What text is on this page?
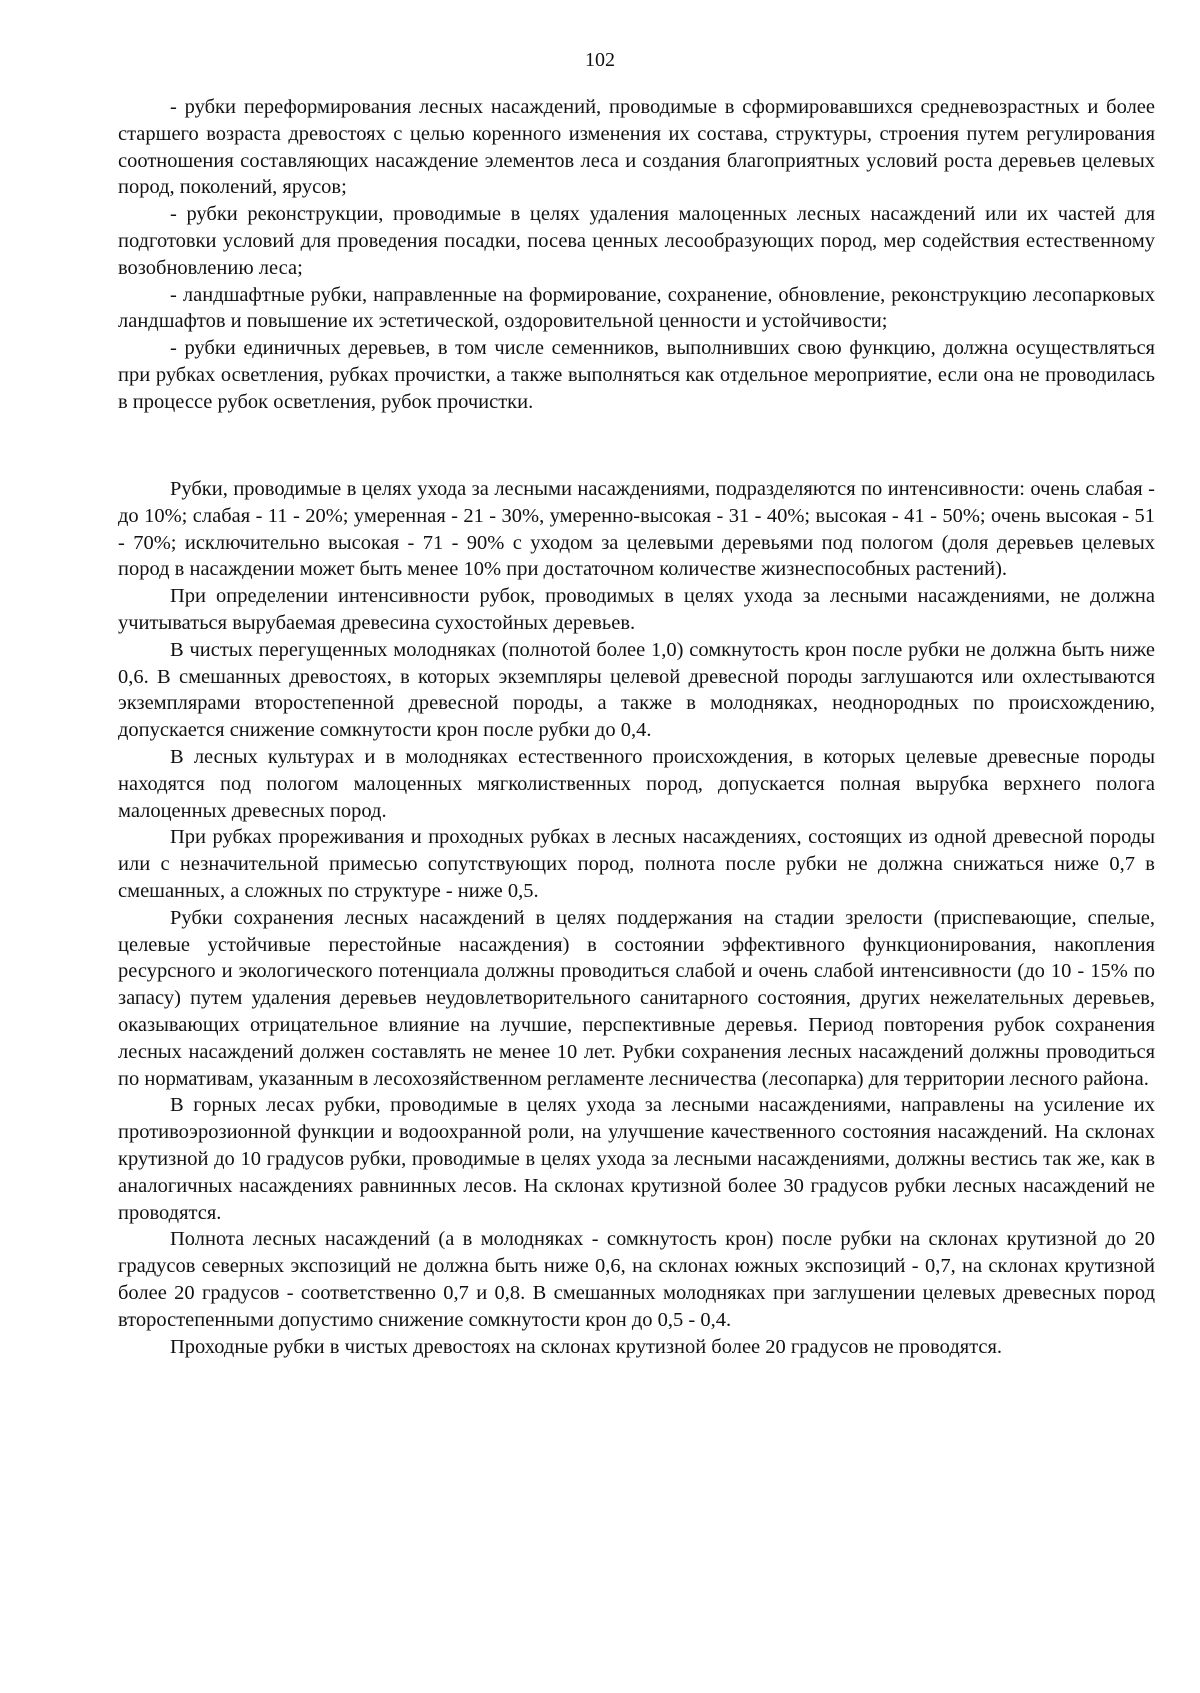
102

- рубки переформирования лесных насаждений, проводимые в сформировавшихся средневозрастных и более старшего возраста древостоях с целью коренного изменения их состава, структуры, строения путем регулирования соотношения составляющих насаждение элементов леса и создания благоприятных условий роста деревьев целевых пород, поколений, ярусов;

- рубки реконструкции, проводимые в целях удаления малоценных лесных насаждений или их частей для подготовки условий для проведения посадки, посева ценных лесообразующих пород, мер содействия естественному возобновлению леса;

- ландшафтные рубки, направленные на формирование, сохранение, обновление, реконструкцию лесопарковых ландшафтов и повышение их эстетической, оздоровительной ценности и устойчивости;

- рубки единичных деревьев, в том числе семенников, выполнивших свою функцию, должна осуществляться при рубках осветления, рубках прочистки, а также выполняться как отдельное мероприятие, если она не проводилась в процессе рубок осветления, рубок прочистки.

Рубки, проводимые в целях ухода за лесными насаждениями, подразделяются по интенсивности: очень слабая - до 10%; слабая - 11 - 20%; умеренная - 21 - 30%, умеренно-высокая - 31 - 40%; высокая - 41 - 50%; очень высокая - 51 - 70%; исключительно высокая - 71 - 90% с уходом за целевыми деревьями под пологом (доля деревьев целевых пород в насаждении может быть менее 10% при достаточном количестве жизнеспособных растений).

При определении интенсивности рубок, проводимых в целях ухода за лесными насаждениями, не должна учитываться вырубаемая древесина сухостойных деревьев.

В чистых перегущенных молодняках (полнотой более 1,0) сомкнутость крон после рубки не должна быть ниже 0,6. В смешанных древостоях, в которых экземпляры целевой древесной породы заглушаются или охлестываются экземплярами второстепенной древесной породы, а также в молодняках, неоднородных по происхождению, допускается снижение сомкнутости крон после рубки до 0,4.

В лесных культурах и в молодняках естественного происхождения, в которых целевые древесные породы находятся под пологом малоценных мягколиственных пород, допускается полная вырубка верхнего полога малоценных древесных пород.

При рубках прореживания и проходных рубках в лесных насаждениях, состоящих из одной древесной породы или с незначительной примесью сопутствующих пород, полнота после рубки не должна снижаться ниже 0,7 в смешанных, а сложных по структуре - ниже 0,5.

Рубки сохранения лесных насаждений в целях поддержания на стадии зрелости (приспевающие, спелые, целевые устойчивые перестойные насаждения) в состоянии эффективного функционирования, накопления ресурсного и экологического потенциала должны проводиться слабой и очень слабой интенсивности (до 10 - 15% по запасу) путем удаления деревьев неудовлетворительного санитарного состояния, других нежелательных деревьев, оказывающих отрицательное влияние на лучшие, перспективные деревья. Период повторения рубок сохранения лесных насаждений должен составлять не менее 10 лет. Рубки сохранения лесных насаждений должны проводиться по нормативам, указанным в лесохозяйственном регламенте лесничества (лесопарка) для территории лесного района.

В горных лесах рубки, проводимые в целях ухода за лесными насаждениями, направлены на усиление их противоэрозионной функции и водоохранной роли, на улучшение качественного состояния насаждений. На склонах крутизной до 10 градусов рубки, проводимые в целях ухода за лесными насаждениями, должны вестись так же, как в аналогичных насаждениях равнинных лесов. На склонах крутизной более 30 градусов рубки лесных насаждений не проводятся.

Полнота лесных насаждений (а в молодняках - сомкнутость крон) после рубки на склонах крутизной до 20 градусов северных экспозиций не должна быть ниже 0,6, на склонах южных экспозиций - 0,7, на склонах крутизной более 20 градусов - соответственно 0,7 и 0,8. В смешанных молодняках при заглушении целевых древесных пород второстепенными допустимо снижение сомкнутости крон до 0,5 - 0,4.

Проходные рубки в чистых древостоях на склонах крутизной более 20 градусов не проводятся.
